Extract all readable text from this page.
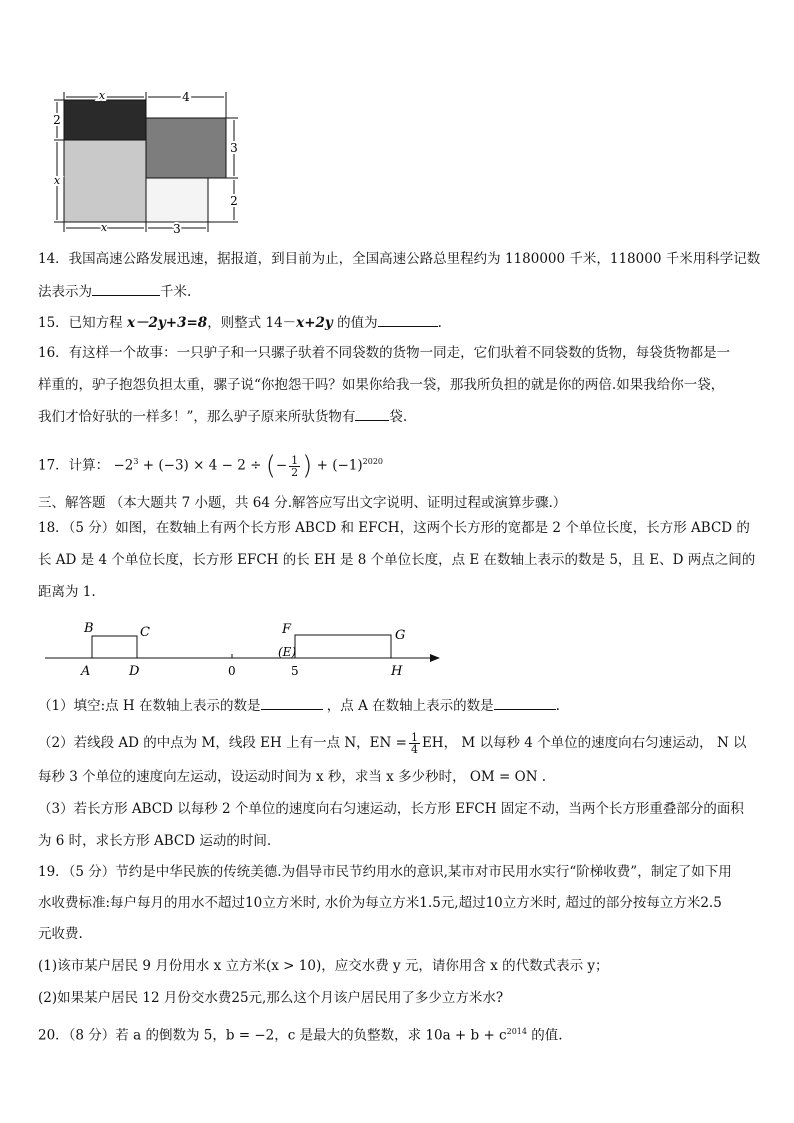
x	4
2
x
3
2
x	3
14．我国高速公路发展迅速，据报道，到目前为止，全国高速公路总里程约为 1180000 千米，118000 千米用科学记数
法表示为	千米.
15．已知方程 x－2y+3=8，则整式 14－x+2y 的值为	.
16．有这样一个故事：一只驴子和一只骡子驮着不同袋数的货物一同走，它们驮着不同袋数的货物，每袋货物都是一
样重的，驴子抱怨负担太重，骡子说“你抱怨干吗？如果你给我一袋，那我所负担的就是你的两倍.如果我给你一袋，
我们才恰好驮的一样多！”，那么驴子原来所驮货物有	袋.
17．计算： $-2^3 + (-3) \times 4 - 2$ ÷ (− $\frac{1}{2}$ ) + $(-1)^{2020}$
三、解答题 （本大题共 7 小题，共 64 分.解答应写出文字说明、证明过程或演算步骤.）
18．（5 分）如图，在数轴上有两个长方形 ABCD 和 EFCH，这两个长方形的宽都是 2 个单位长度，长方形 ABCD 的
长 AD 是 4 个单位长度，长方形 EFCH 的长 EH 是 8 个单位长度，点 E 在数轴上表示的数是 5，且 E、D 两点之间的
距离为 1.
B	C
A	D	0
F
(E)
5
G
H
（1）填空:点 H 在数轴上表示的数是	，点 A 在数轴上表示的数是	.
（2）若线段 AD 的中点为 M，线段 EH 上有一点 N，EN = $\frac{1}{4}$ EH， M 以每秒 4 个单位的速度向右匀速运动， N 以
每秒 3 个单位的速度向左运动，设运动时间为 x 秒，求当 x 多少秒时， OM = ON .
（3）若长方形 ABCD 以每秒 2 个单位的速度向右匀速运动，长方形 EFCH 固定不动，当两个长方形重叠部分的面积
为 6 时，求长方形 ABCD 运动的时间.
19．（5 分）节约是中华民族的传统美德.为倡导市民节约用水的意识,某市对市民用水实行“阶梯收费”，制定了如下用
水收费标准:每户每月的用水不超过10立方米时, 水价为每立方米1.5元,超过10立方米时, 超过的部分按每立方米2.5
元收费.
(1)该市某户居民 9 月份用水 x 立方米(x > 10)，应交水费 y 元，请你用含 x 的代数式表示 y；
(2)如果某户居民 12 月份交水费25元,那么这个月该户居民用了多少立方米水?
20．（8 分）若 a 的倒数为 5，b = −2，c 是最大的负整数，求 $10a + b + c^{2014}$ 的值.
